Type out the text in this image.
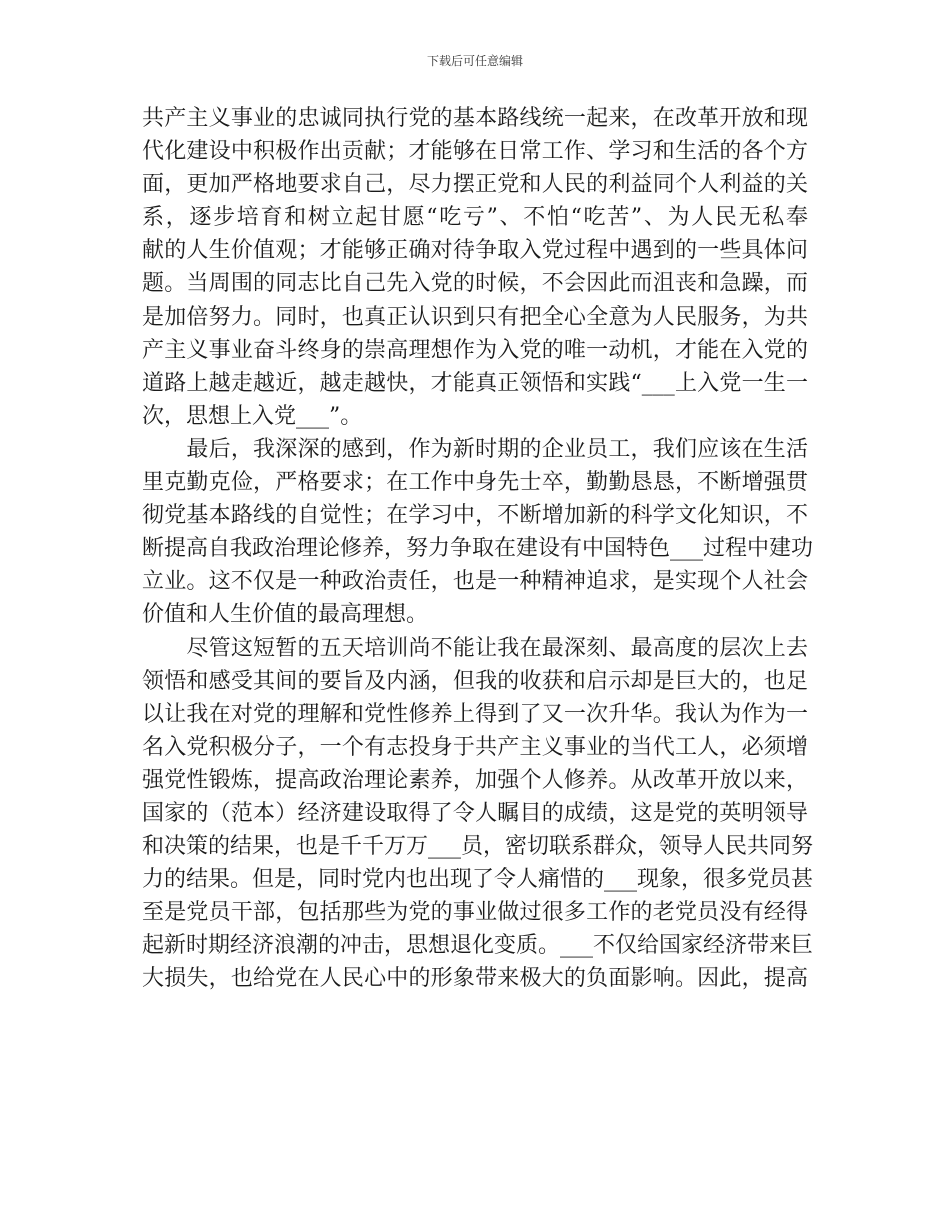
下载后可任意编辑
共产主义事业的忠诚同执行党的基本路线统一起来，在改革开放和现
代化建设中积极作出贡献；才能够在日常工作、学习和生活的各个方
面，更加严格地要求自己，尽力摆正党和人民的利益同个人利益的关
系，逐步培育和树立起甘愿“吃亏”、不怕“吃苦”、为人民无私奉
献的人生价值观；才能够正确对待争取入党过程中遇到的一些具体问
题。当周围的同志比自己先入党的时候，不会因此而沮丧和急躁，而
是加倍努力。同时，也真正认识到只有把全心全意为人民服务，为共
产主义事业奋斗终身的崇高理想作为入党的唯一动机，才能在入党的
道路上越走越近，越走越快，才能真正领悟和实践“___上入党一生一
次，思想上入党___”。
　　最后，我深深的感到，作为新时期的企业员工，我们应该在生活
里克勤克俭，严格要求；在工作中身先士卒，勤勤恳恳，不断增强贯
彻党基本路线的自觉性；在学习中，不断增加新的科学文化知识，不
断提高自我政治理论修养，努力争取在建设有中国特色___过程中建功
立业。这不仅是一种政治责任，也是一种精神追求，是实现个人社会
价值和人生价值的最高理想。
　　尽管这短暂的五天培训尚不能让我在最深刻、最高度的层次上去
领悟和感受其间的要旨及内涵，但我的收获和启示却是巨大的，也足
以让我在对党的理解和党性修养上得到了又一次升华。我认为作为一
名入党积极分子，一个有志投身于共产主义事业的当代工人，必须增
强党性锻炼，提高政治理论素养，加强个人修养。从改革开放以来，
国家的（范本）经济建设取得了令人瞩目的成绩，这是党的英明领导
和决策的结果，也是千千万万___员，密切联系群众，领导人民共同努
力的结果。但是，同时党内也出现了令人痛惜的___现象，很多党员甚
至是党员干部，包括那些为党的事业做过很多工作的老党员没有经得
起新时期经济浪潮的冲击，思想退化变质。___不仅给国家经济带来巨
大损失，也给党在人民心中的形象带来极大的负面影响。因此，提高
